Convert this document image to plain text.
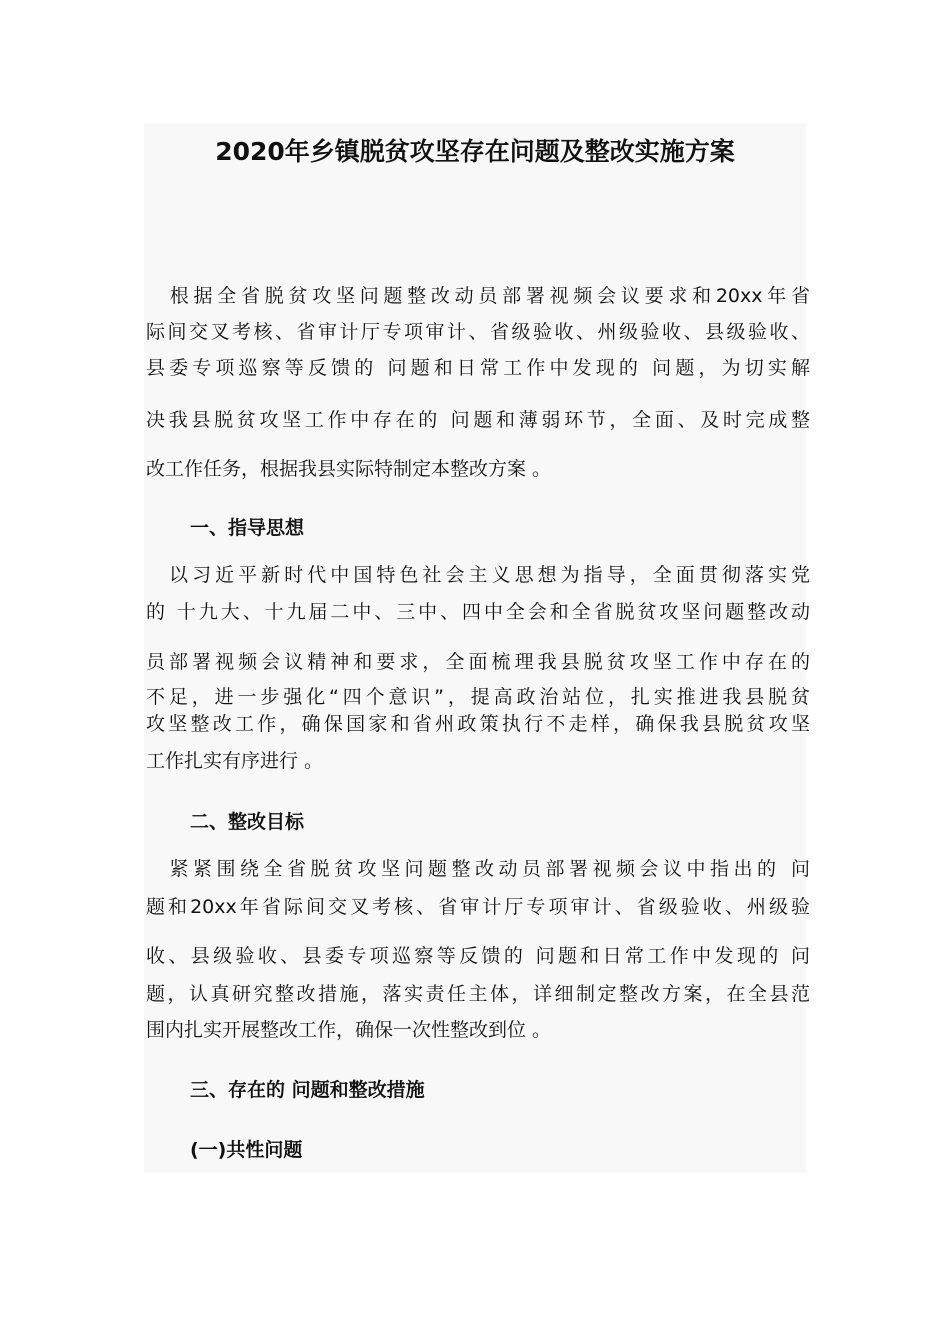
2020年乡镇脱贫攻坚存在问题及整改实施方案
　根据全省脱贫攻坚问题整改动员部署视频会议要求和20xx年省
际间交叉考核、省审计厅专项审计、省级验收、州级验收、县级验收、
县委专项巡察等反馈的 问题和日常工作中发现的 问题，为切实解
决我县脱贫攻坚工作中存在的 问题和薄弱环节，全面、及时完成整
改工作任务，根据我县实际特制定本整改方案 。
一、指导思想
　以习近平新时代中国特色社会主义思想为指导，全面贯彻落实党
的 十九大、十九届二中、三中、四中全会和全省脱贫攻坚问题整改动
员部署视频会议精神和要求，全面梳理我县脱贫攻坚工作中存在的
不足，进一步强化“四个意识”，提高政治站位，扎实推进我县脱贫
攻坚整改工作，确保国家和省州政策执行不走样，确保我县脱贫攻坚
工作扎实有序进行 。
二、整改目标
　紧紧围绕全省脱贫攻坚问题整改动员部署视频会议中指出的 问
题和20xx年省际间交叉考核、省审计厅专项审计、省级验收、州级验
收、县级验收、县委专项巡察等反馈的 问题和日常工作中发现的 问
题，认真研究整改措施，落实责任主体，详细制定整改方案，在全县范
围内扎实开展整改工作，确保一次性整改到位 。
三、存在的 问题和整改措施
(一)共性问题
